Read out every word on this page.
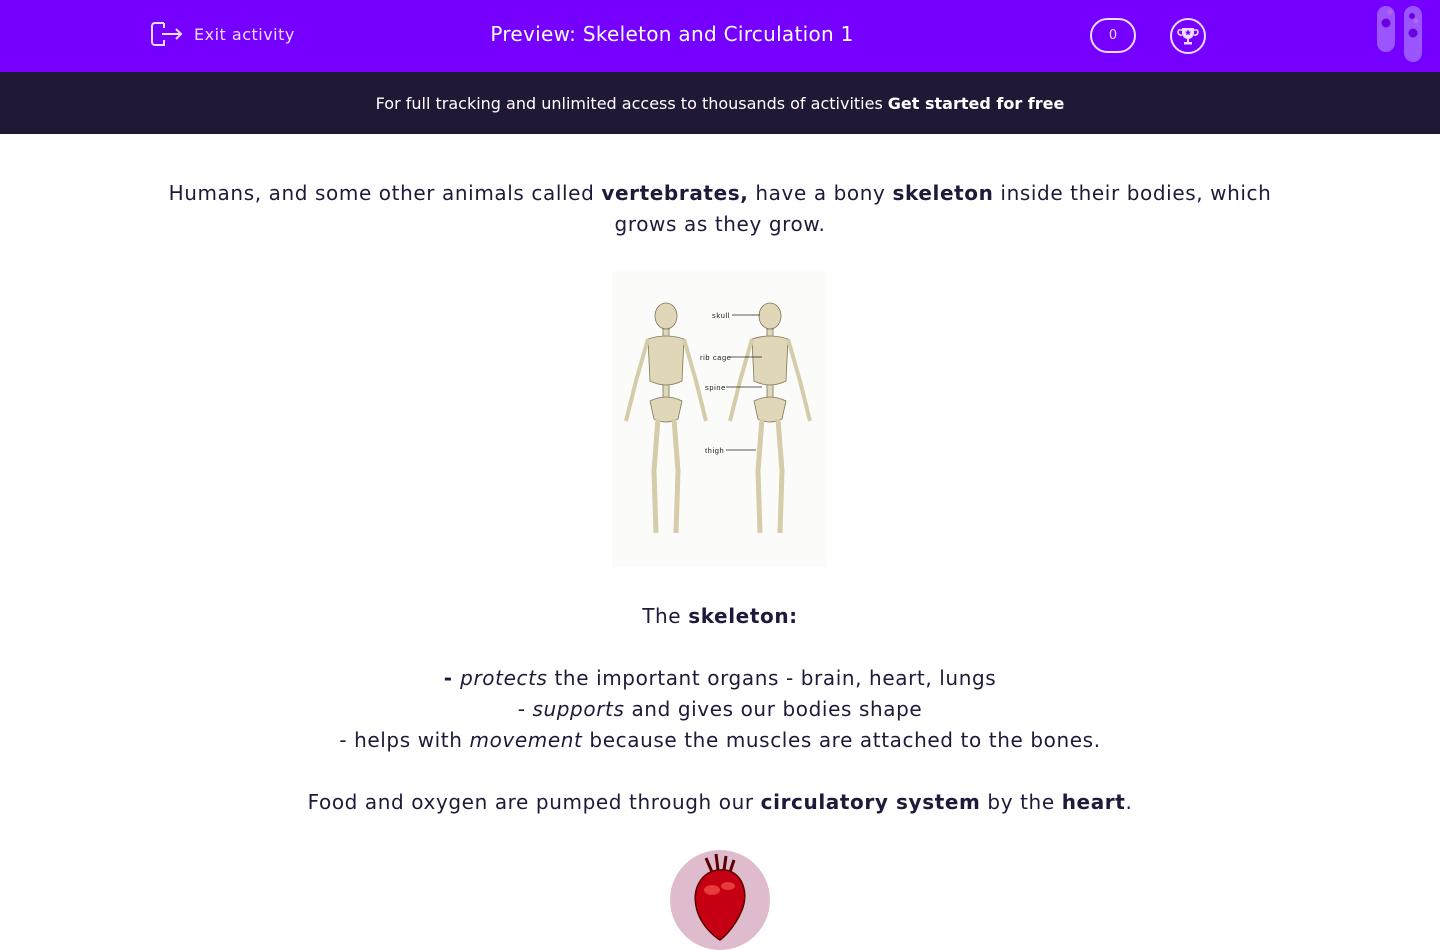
Exit activity	Preview: Skeleton and Circulation 1	0
For full tracking and unlimited access to thousands of activities Get started for free

Humans, and some other animals called vertebrates, have a bony skeleton inside their bodies, which grows as they grow.

skull
rib cage
spine
thigh

The skeleton:

- protects the important organs - brain, heart, lungs

- supports and gives our bodies shape

- helps with movement because the muscles are attached to the bones.

Food and oxygen are pumped through our circulatory system by the heart.
